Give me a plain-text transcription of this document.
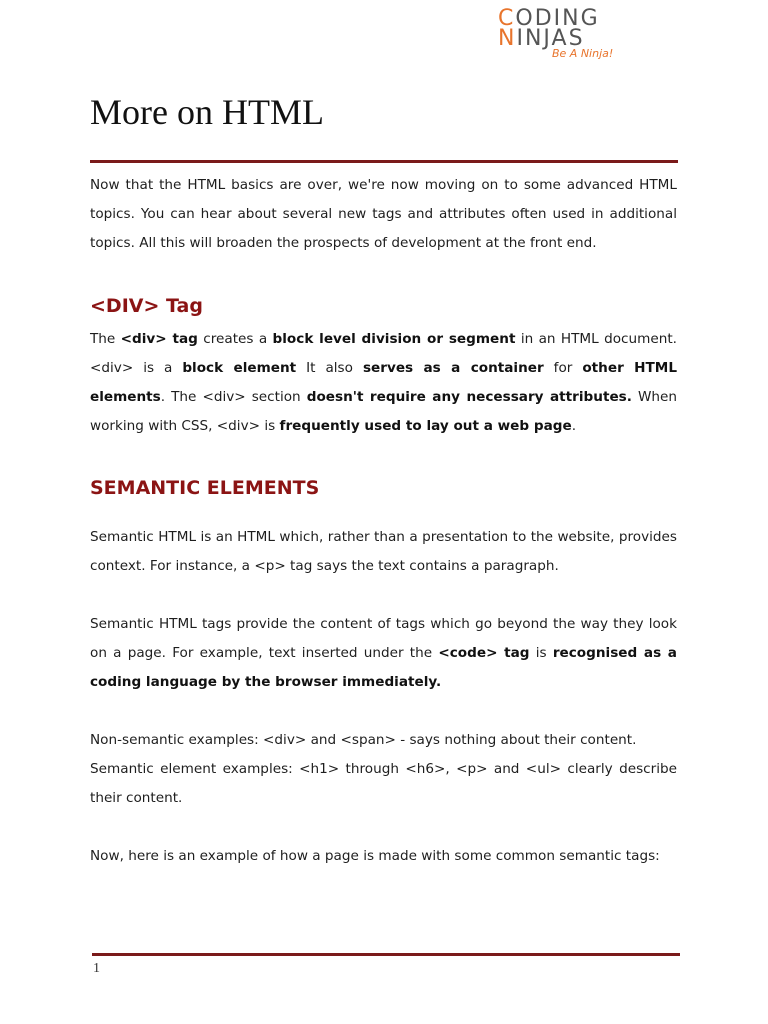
CODING
NINJAS
Be A Ninja!
More on HTML

Now that the HTML basics are over, we're now moving on to some advanced HTML topics. You can hear about several new tags and attributes often used in additional topics. All this will broaden the prospects of development at the front end.

<DIV> Tag

The <div> tag creates a block level division or segment in an HTML document. <div> is a block element It also serves as a container for other HTML elements. The <div> section doesn't require any necessary attributes. When working with CSS, <div> is frequently used to lay out a web page.

SEMANTIC ELEMENTS

Semantic HTML is an HTML which, rather than a presentation to the website, provides context. For instance, a <p> tag says the text contains a paragraph.

Semantic HTML tags provide the content of tags which go beyond the way they look on a page. For example, text inserted under the <code> tag is recognised as a coding language by the browser immediately.

Non-semantic examples: <div> and <span> - says nothing about their content.

Semantic element examples: <h1> through <h6>, <p> and <ul> clearly describe their content.

Now, here is an example of how a page is made with some common semantic tags:

1
